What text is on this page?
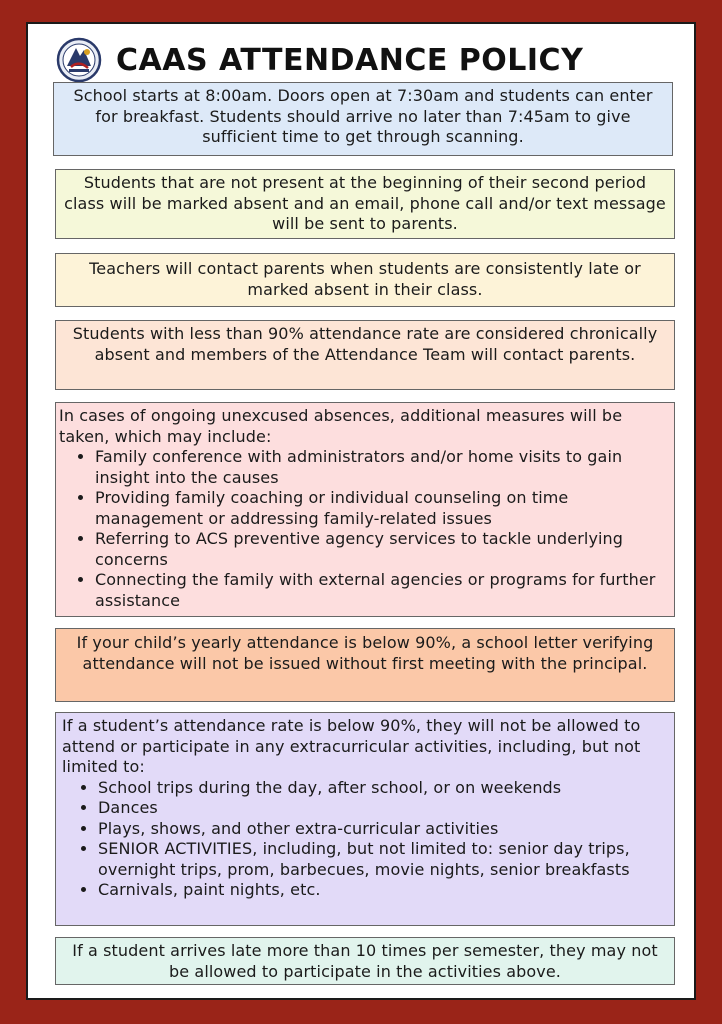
CAAS ATTENDANCE POLICY
School starts at 8:00am. Doors open at 7:30am and students can enter for breakfast. Students should arrive no later than 7:45am to give sufficient time to get through scanning.
Students that are not present at the beginning of their second period class will be marked absent and an email, phone call and/or text message will be sent to parents.
Teachers will contact parents when students are consistently late or marked absent in their class.
Students with less than 90% attendance rate are considered chronically absent and members of the Attendance Team will contact parents.
In cases of ongoing unexcused absences, additional measures will be taken, which may include:
• Family conference with administrators and/or home visits to gain insight into the causes
• Providing family coaching or individual counseling on time management or addressing family-related issues
• Referring to ACS preventive agency services to tackle underlying concerns
• Connecting the family with external agencies or programs for further assistance
If your child’s yearly attendance is below 90%, a school letter verifying attendance will not be issued without first meeting with the principal.
If a student’s attendance rate is below 90%, they will not be allowed to attend or participate in any extracurricular activities, including, but not limited to:
• School trips during the day, after school, or on weekends
• Dances
• Plays, shows, and other extra-curricular activities
• SENIOR ACTIVITIES, including, but not limited to: senior day trips, overnight trips, prom, barbecues, movie nights, senior breakfasts
• Carnivals, paint nights, etc.
If a student arrives late more than 10 times per semester, they may not be allowed to participate in the activities above.
